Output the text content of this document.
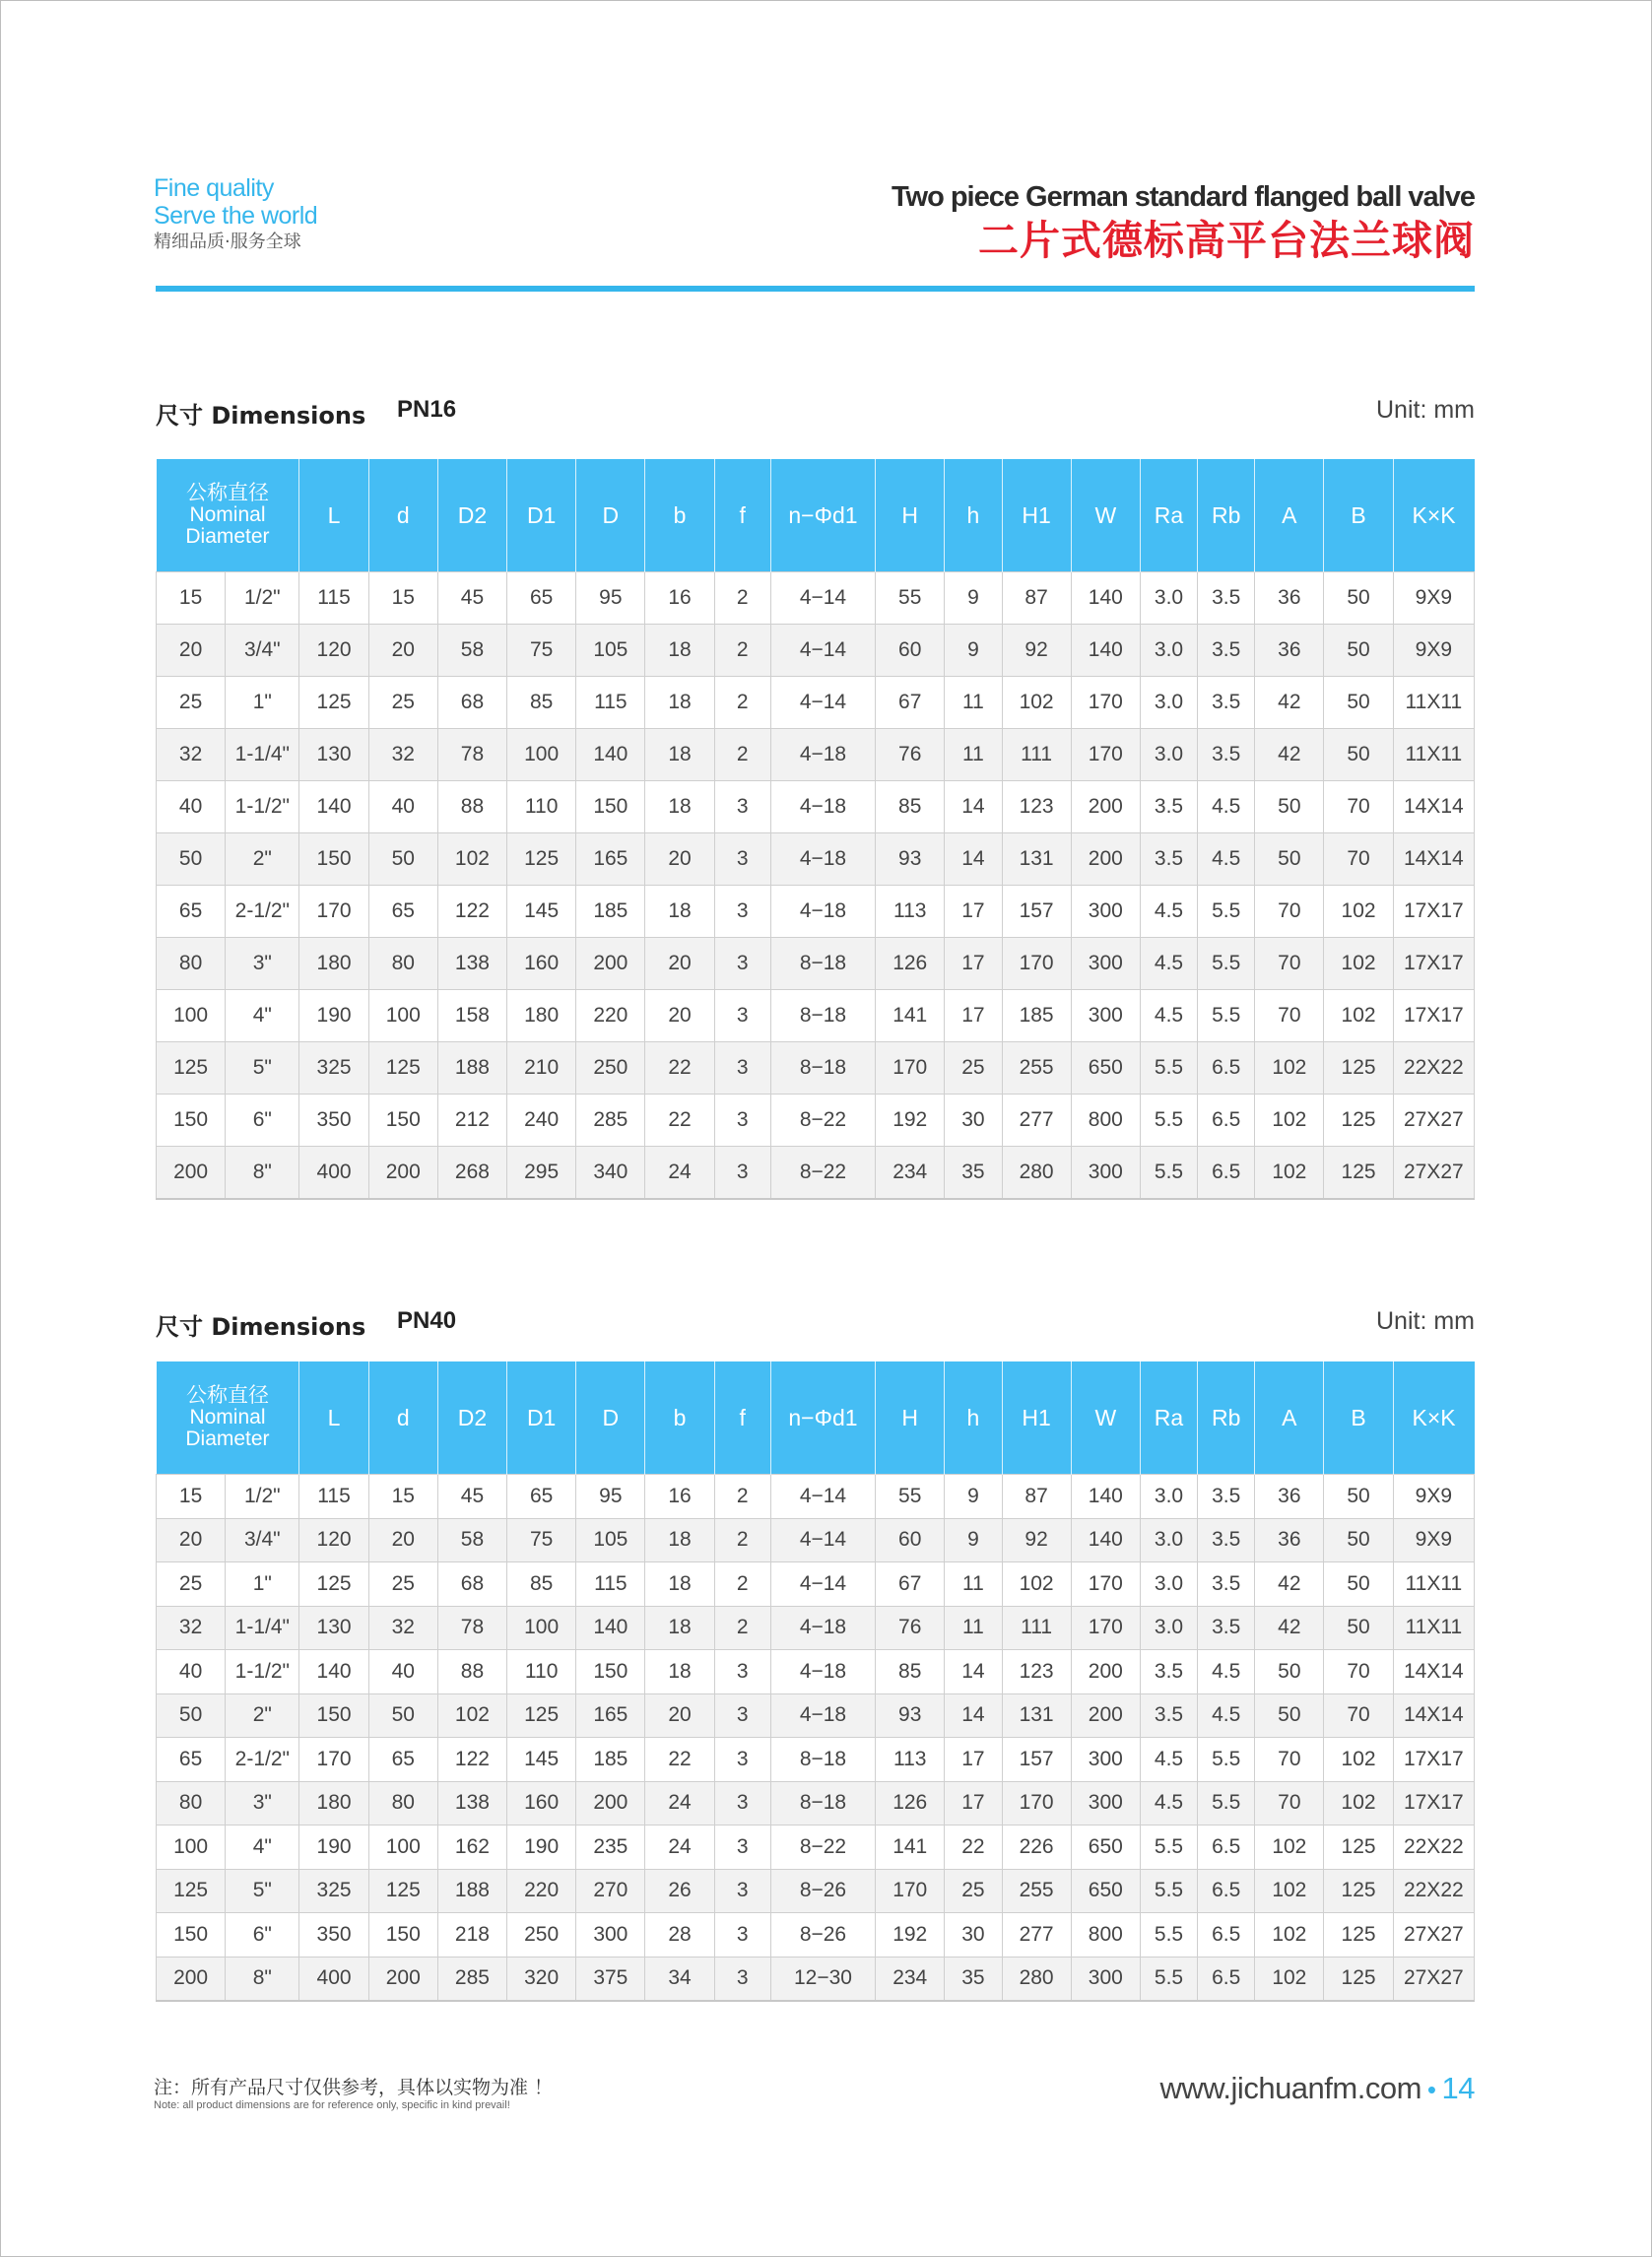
Fine quality
Serve the world
精细品质·服务全球
Two piece German standard flanged ball valve
二片式德标高平台法兰球阀
尺寸 Dimensions PN16	Unit: mm
公称直径
Nominal
Diameter		L	d	D2	D1	D	b	f	n−Φd1	H	h	H1	W	Ra	Rb	A	B	K×K
15	1/2"	115	15	45	65	95	16	2	4−14	55	9	87	140	3.0	3.5	36	50	9X9
20	3/4"	120	20	58	75	105	18	2	4−14	60	9	92	140	3.0	3.5	36	50	9X9
25	1"	125	25	68	85	115	18	2	4−14	67	11	102	170	3.0	3.5	42	50	11X11
32	1-1/4"	130	32	78	100	140	18	2	4−18	76	11	111	170	3.0	3.5	42	50	11X11
40	1-1/2"	140	40	88	110	150	18	3	4−18	85	14	123	200	3.5	4.5	50	70	14X14
50	2"	150	50	102	125	165	20	3	4−18	93	14	131	200	3.5	4.5	50	70	14X14
65	2-1/2"	170	65	122	145	185	18	3	4−18	113	17	157	300	4.5	5.5	70	102	17X17
80	3"	180	80	138	160	200	20	3	8−18	126	17	170	300	4.5	5.5	70	102	17X17
100	4"	190	100	158	180	220	20	3	8−18	141	17	185	300	4.5	5.5	70	102	17X17
125	5"	325	125	188	210	250	22	3	8−18	170	25	255	650	5.5	6.5	102	125	22X22
150	6"	350	150	212	240	285	22	3	8−22	192	30	277	800	5.5	6.5	102	125	27X27
200	8"	400	200	268	295	340	24	3	8−22	234	35	280	300	5.5	6.5	102	125	27X27
尺寸 Dimensions PN40	Unit: mm
公称直径
Nominal
Diameter		L	d	D2	D1	D	b	f	n−Φd1	H	h	H1	W	Ra	Rb	A	B	K×K
15	1/2"	115	15	45	65	95	16	2	4−14	55	9	87	140	3.0	3.5	36	50	9X9
20	3/4"	120	20	58	75	105	18	2	4−14	60	9	92	140	3.0	3.5	36	50	9X9
25	1"	125	25	68	85	115	18	2	4−14	67	11	102	170	3.0	3.5	42	50	11X11
32	1-1/4"	130	32	78	100	140	18	2	4−18	76	11	111	170	3.0	3.5	42	50	11X11
40	1-1/2"	140	40	88	110	150	18	3	4−18	85	14	123	200	3.5	4.5	50	70	14X14
50	2"	150	50	102	125	165	20	3	4−18	93	14	131	200	3.5	4.5	50	70	14X14
65	2-1/2"	170	65	122	145	185	22	3	8−18	113	17	157	300	4.5	5.5	70	102	17X17
80	3"	180	80	138	160	200	24	3	8−18	126	17	170	300	4.5	5.5	70	102	17X17
100	4"	190	100	162	190	235	24	3	8−22	141	22	226	650	5.5	6.5	102	125	22X22
125	5"	325	125	188	220	270	26	3	8−26	170	25	255	650	5.5	6.5	102	125	22X22
150	6"	350	150	218	250	300	28	3	8−26	192	30	277	800	5.5	6.5	102	125	27X27
200	8"	400	200	285	320	375	34	3	12−30	234	35	280	300	5.5	6.5	102	125	27X27
注：所有产品尺寸仅供参考，具体以实物为准 ！
Note: all product dimensions are for reference only, specific in kind prevail!	www.jichuanfm.com • 14
